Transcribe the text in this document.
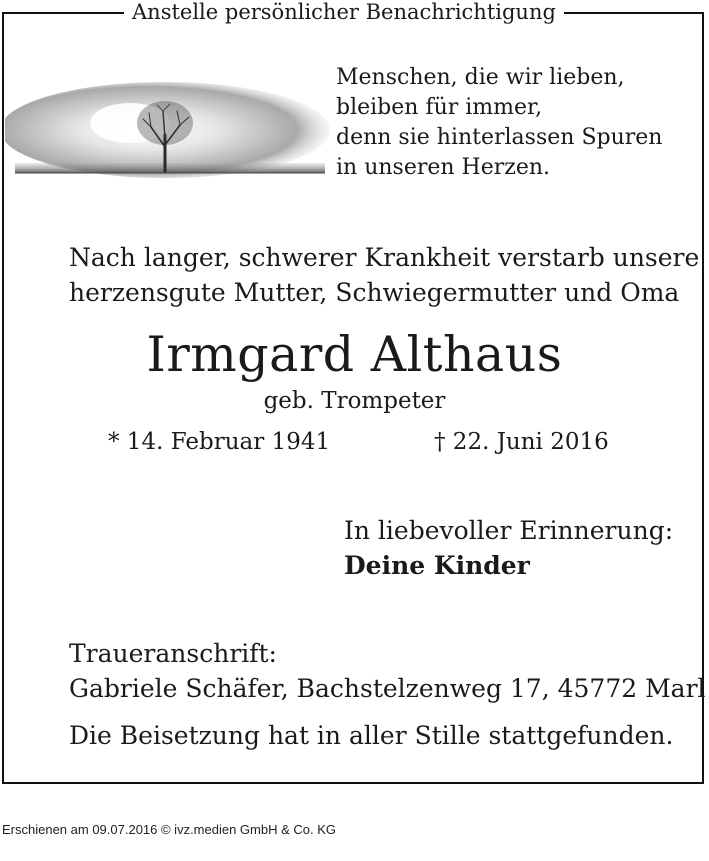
Anstelle persönlicher Benachrichtigung
Menschen, die wir lieben,
bleiben für immer,
denn sie hinterlassen Spuren
in unseren Herzen.
Nach langer, schwerer Krankheit verstarb unsere
herzensgute Mutter, Schwiegermutter und Oma
Irmgard Althaus
geb. Trompeter
* 14. Februar 1941	† 22. Juni 2016
In liebevoller Erinnerung:
Deine Kinder
Traueranschrift:
Gabriele Schäfer, Bachstelzenweg 17, 45772 Marl
Die Beisetzung hat in aller Stille stattgefunden.
Erschienen am 09.07.2016 © ivz.medien GmbH & Co. KG
